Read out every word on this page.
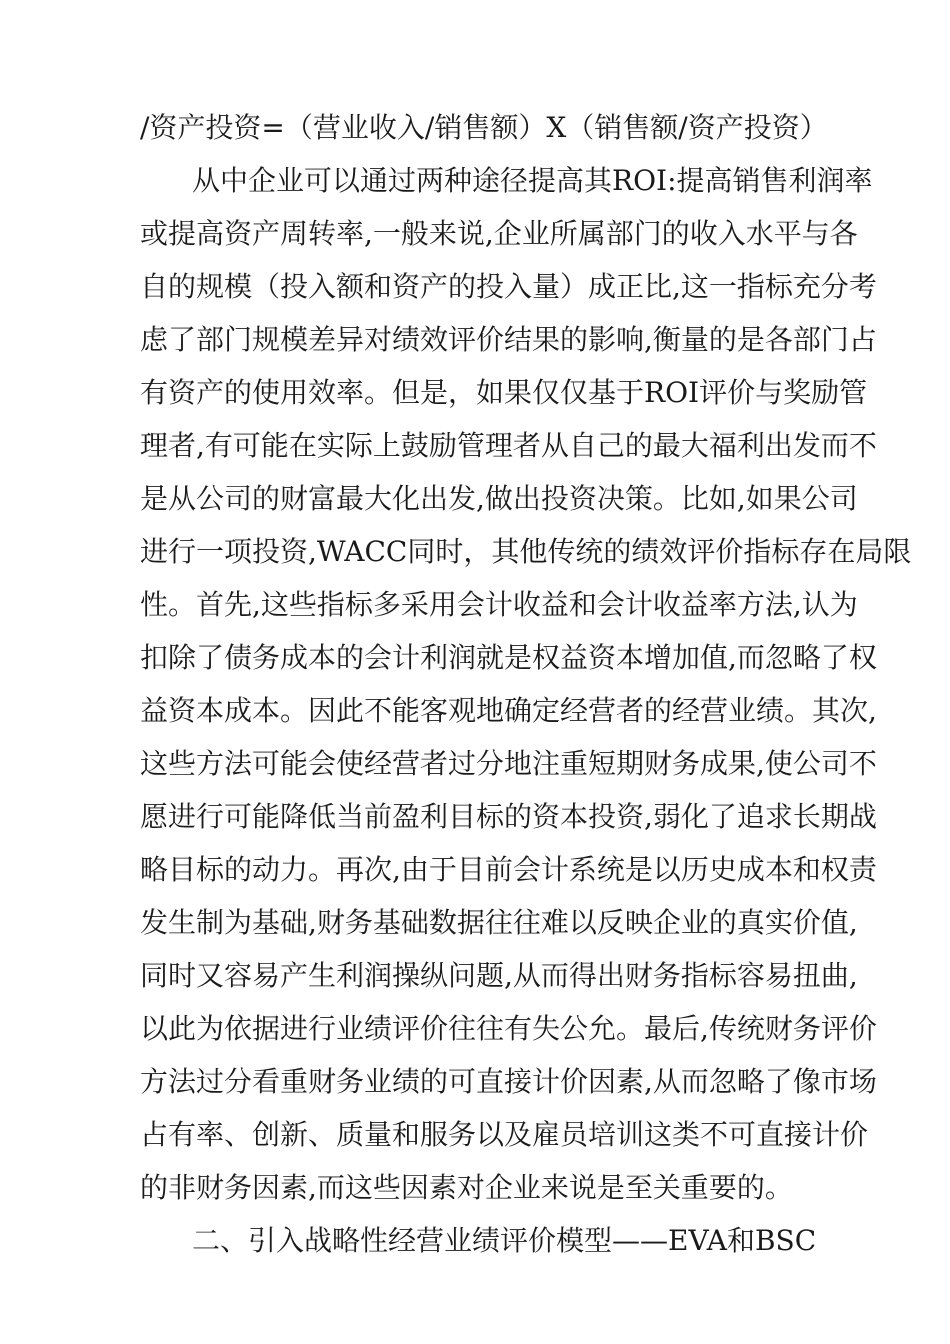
/资产投资=（营业收入/销售额）X（销售额/资产投资）
从中企业可以通过两种途径提高其ROI:提高销售利润率
或提高资产周转率,一般来说,企业所属部门的收入水平与各
自的规模（投入额和资产的投入量）成正比,这一指标充分考
虑了部门规模差异对绩效评价结果的影响,衡量的是各部门占
有资产的使用效率。但是，如果仅仅基于ROI评价与奖励管
理者,有可能在实际上鼓励管理者从自己的最大福利出发而不
是从公司的财富最大化出发,做出投资决策。比如,如果公司
进行一项投资,WACC同时，其他传统的绩效评价指标存在局限
性。首先,这些指标多采用会计收益和会计收益率方法,认为
扣除了债务成本的会计利润就是权益资本增加值,而忽略了权
益资本成本。因此不能客观地确定经营者的经营业绩。其次,
这些方法可能会使经营者过分地注重短期财务成果,使公司不
愿进行可能降低当前盈利目标的资本投资,弱化了追求长期战
略目标的动力。再次,由于目前会计系统是以历史成本和权责
发生制为基础,财务基础数据往往难以反映企业的真实价值,
同时又容易产生利润操纵问题,从而得出财务指标容易扭曲,
以此为依据进行业绩评价往往有失公允。最后,传统财务评价
方法过分看重财务业绩的可直接计价因素,从而忽略了像市场
占有率、创新、质量和服务以及雇员培训这类不可直接计价
的非财务因素,而这些因素对企业来说是至关重要的。
二、引入战略性经营业绩评价模型——EVA和BSC
